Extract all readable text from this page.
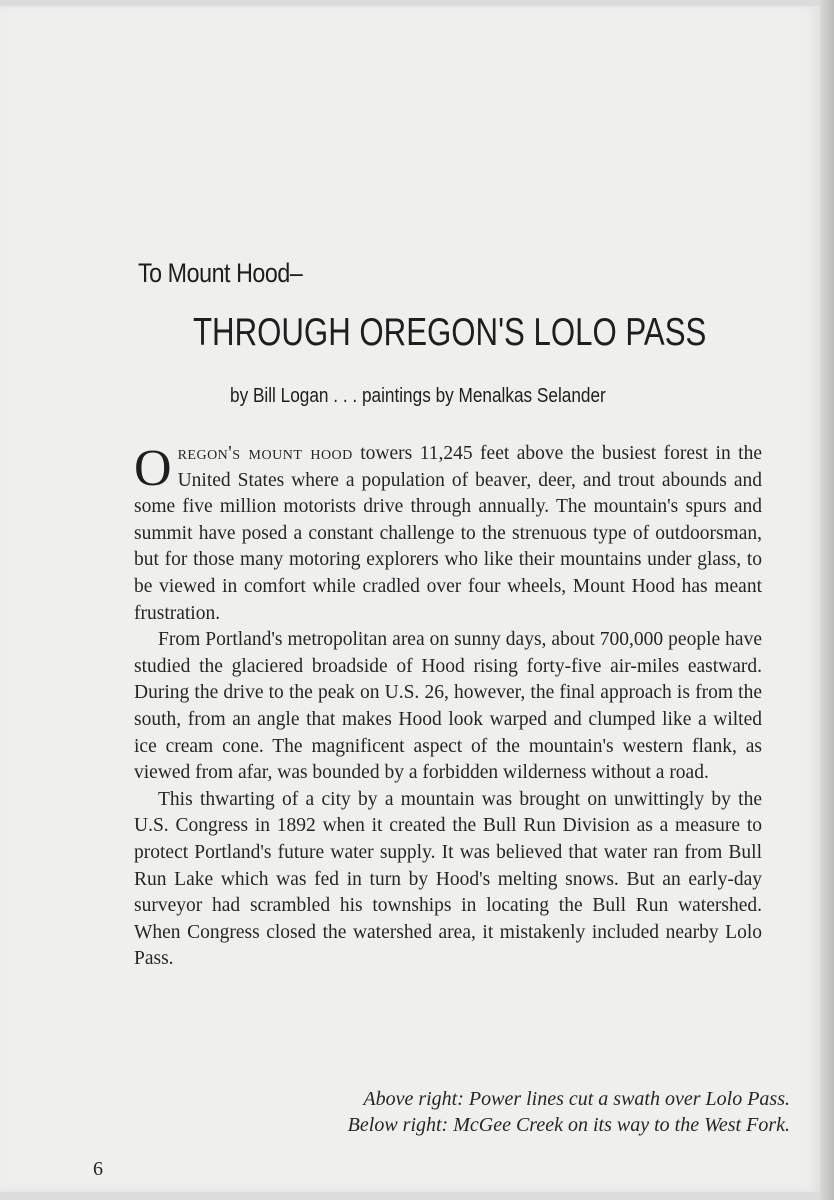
To Mount Hood–
THROUGH OREGON'S LOLO PASS
by Bill Logan . . . paintings by Menalkas Selander

Oregon's mount hood towers 11,245 feet above the busiest forest in the United States where a population of beaver, deer, and trout abounds and some five million motorists drive through annually. The mountain's spurs and summit have posed a constant challenge to the strenuous type of outdoorsman, but for those many motoring explorers who like their mountains under glass, to be viewed in comfort while cradled over four wheels, Mount Hood has meant frustration.

From Portland's metropolitan area on sunny days, about 700,000 people have studied the glaciered broadside of Hood rising forty-five air-miles eastward. During the drive to the peak on U.S. 26, however, the final approach is from the south, from an angle that makes Hood look warped and clumped like a wilted ice cream cone. The magnificent aspect of the mountain's western flank, as viewed from afar, was bounded by a forbidden wilderness without a road.

This thwarting of a city by a mountain was brought on unwittingly by the U.S. Congress in 1892 when it created the Bull Run Division as a measure to protect Portland's future water supply. It was believed that water ran from Bull Run Lake which was fed in turn by Hood's melting snows. But an early-day surveyor had scrambled his townships in locating the Bull Run watershed. When Congress closed the watershed area, it mistakenly included nearby Lolo Pass.

Above right: Power lines cut a swath over Lolo Pass.
Below right: McGee Creek on its way to the West Fork.
6
